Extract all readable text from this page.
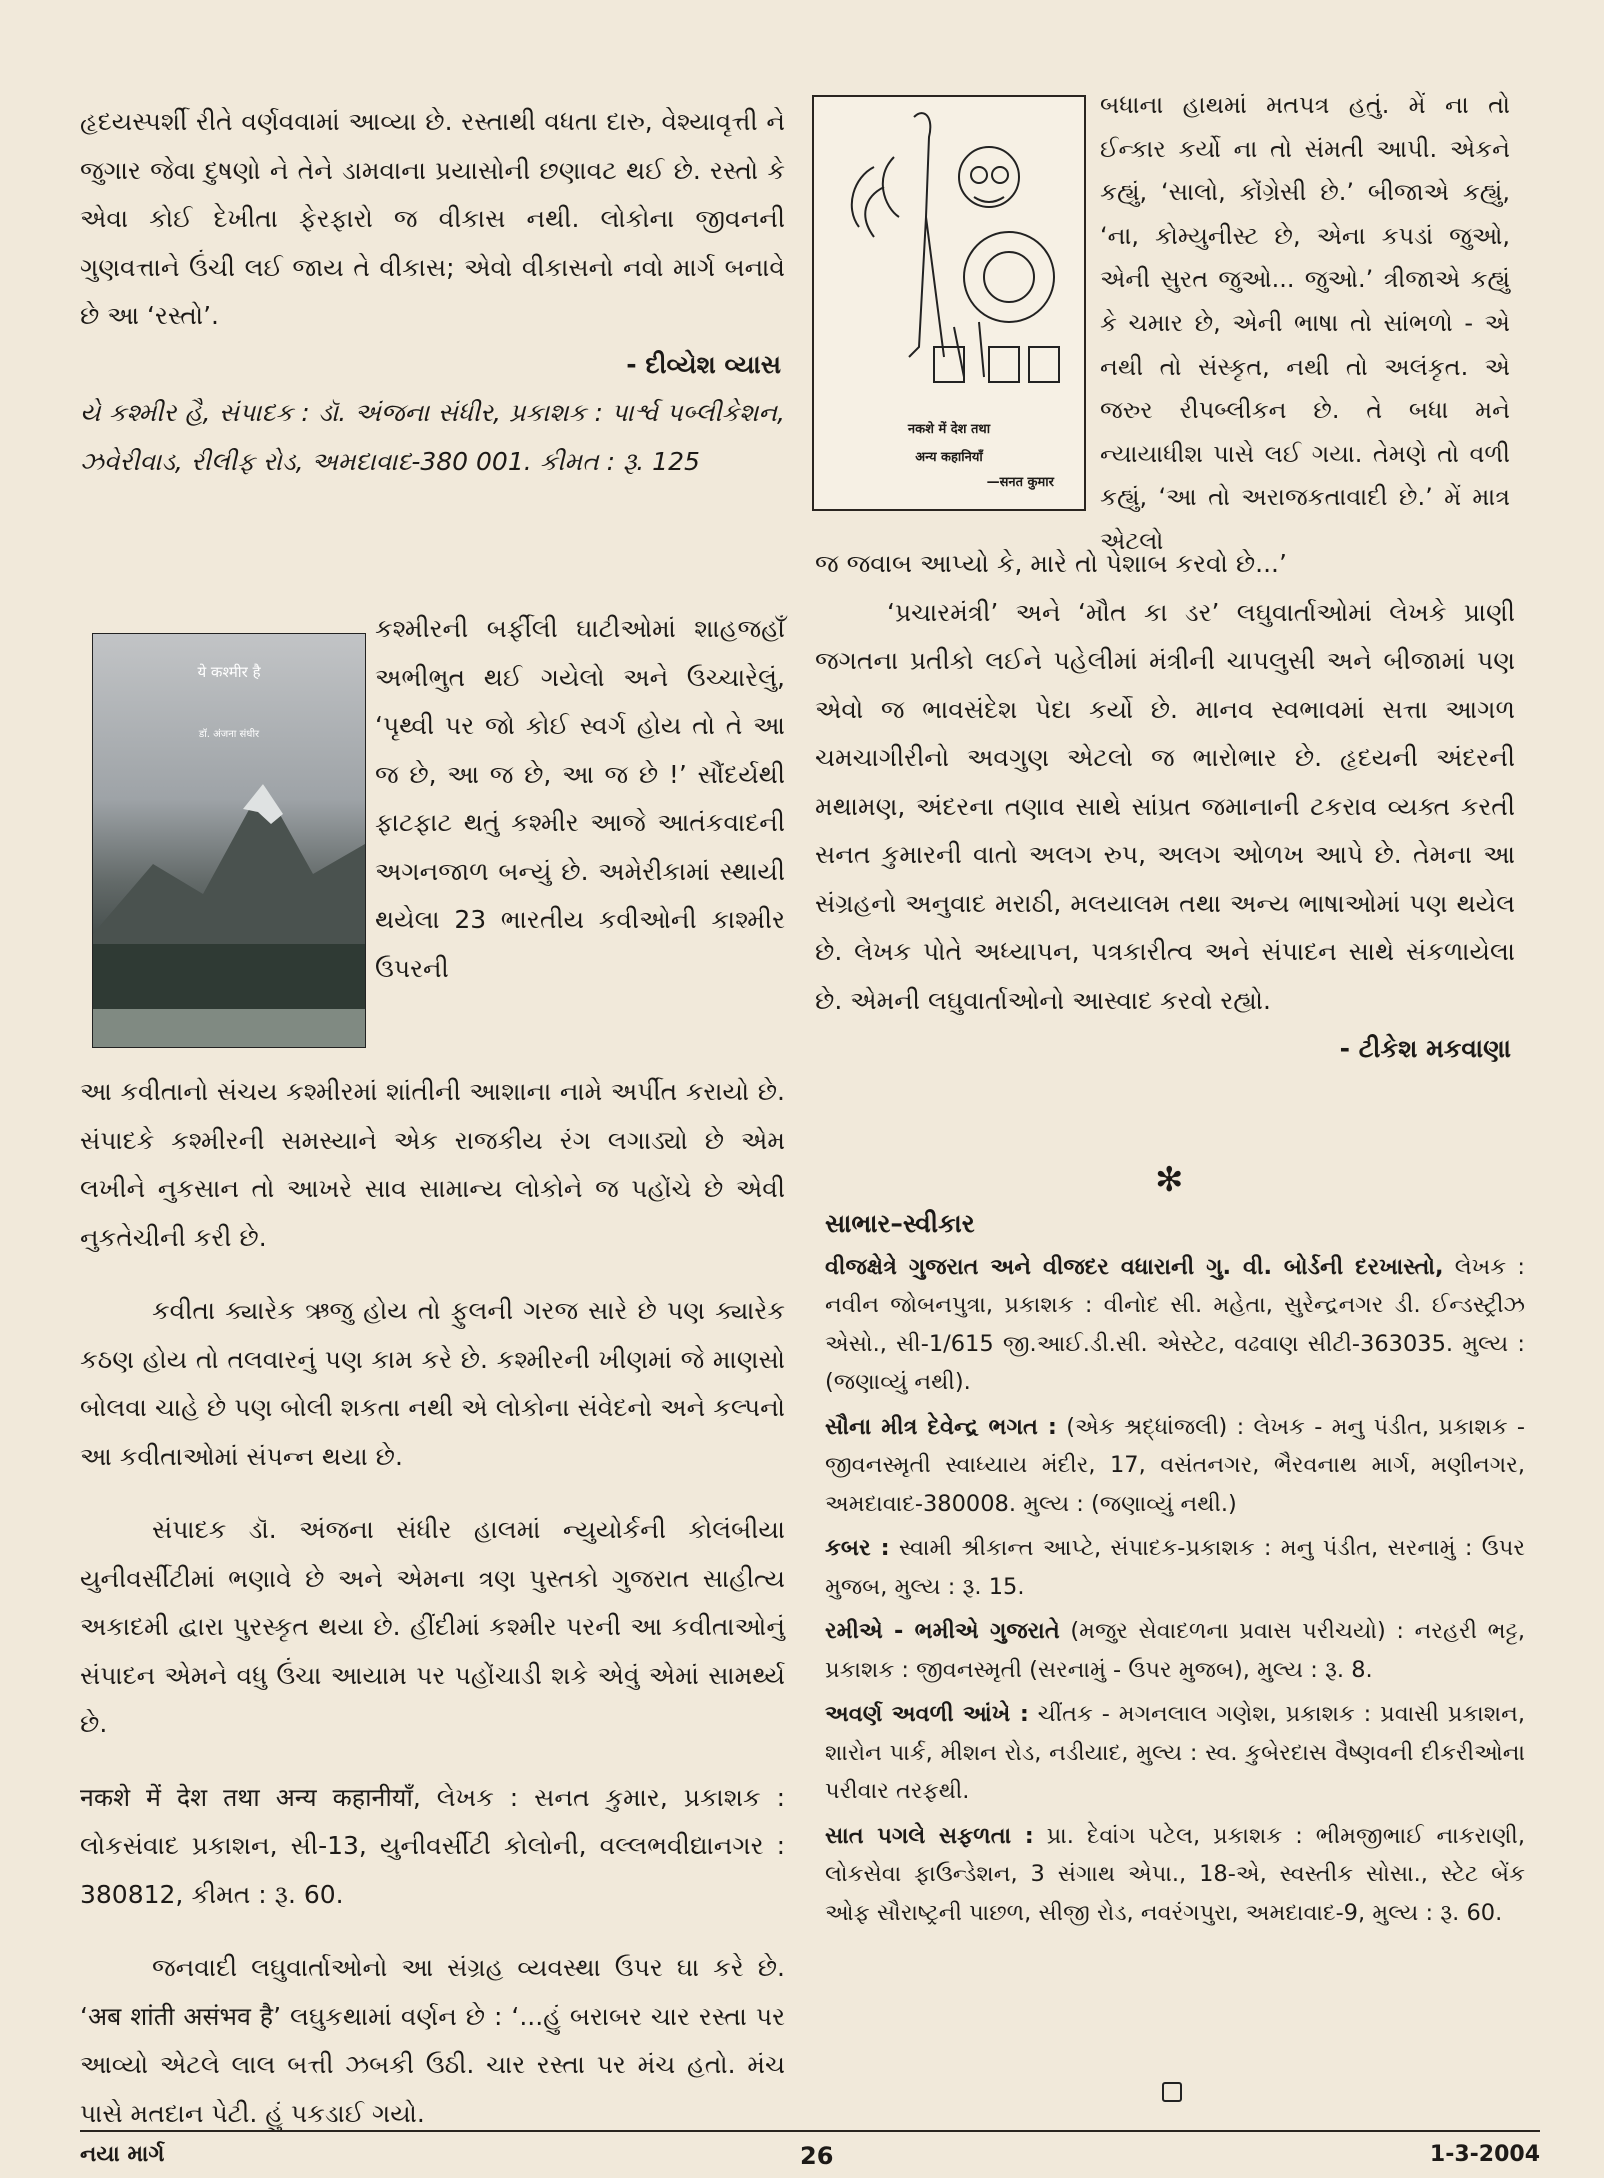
હૃદયસ્પર્શી રીતે વર્ણવવામાં આવ્યા છે. રસ્તાથી વધતા દારુ, વેશ્યાવૃત્તી ને જુગાર જેવા દુષણો ને તેને ડામવાના પ્રયાસોની છણાવટ થઈ છે. રસ્તો કે એવા કોઈ દેખીતા ફેરફારો જ વીકાસ નથી. લોકોના જીવનની ગુણવત્તાને ઉંચી લઈ જાય તે વીકાસ; એવો વીકાસનો નવો માર્ગ બનાવે છે આ ‘રસ્તો’.

- દીવ્યેશ વ્યાસ

યે કશ્મીર હૈ, સંપાદક : ડૉ. અંજના સંધીર, પ્રકાશક : પાર્શ્વ પબ્લીકેશન, ઝવેરીવાડ, રીલીફ રોડ, અમદાવાદ-380 001. કીમત : રૂ. 125

ये कश्मीर है
डॉ. अंजना संधीर
કશ્મીરની બર્ફીલી ઘાટીઓમાં શાહજહાઁ અભીભુત થઈ ગયેલો અને ઉચ્ચારેલું, ‘પૃથ્વી પર જો કોઈ સ્વર્ગ હોય તો તે આ જ છે, આ જ છે, આ જ છે !’ સૌંદર્યથી ફાટફાટ થતું કશ્મીર આજે આતંકવાદની અગનજાળ બન્યું છે. અમેરીકામાં સ્થાયી થયેલા 23 ભારતીય કવીઓની કાશ્મીર ઉપરની

આ કવીતાનો સંચય કશ્મીરમાં શાંતીની આશાના નામે અર્પીત કરાયો છે. સંપાદકે કશ્મીરની સમસ્યાને એક રાજકીય રંગ લગાડ્યો છે એમ લખીને નુકસાન તો આખરે સાવ સામાન્ય લોકોને જ પહોંચે છે એવી નુકતેચીની કરી છે.

કવીતા ક્યારેક ઋજુ હોય તો ફુલની ગરજ સારે છે પણ ક્યારેક કઠણ હોય તો તલવારનું પણ કામ કરે છે. કશ્મીરની ખીણમાં જે માણસો બોલવા ચાહે છે પણ બોલી શકતા નથી એ લોકોના સંવેદનો અને કલ્પનો આ કવીતાઓમાં સંપન્ન થયા છે.

સંપાદક ડૉ. અંજના સંધીર હાલમાં ન્યુયોર્કની કોલંબીયા યુનીવર્સીટીમાં ભણાવે છે અને એમના ત્રણ પુસ્તકો ગુજરાત સાહીત્ય અકાદમી દ્વારા પુરસ્કૃત થયા છે. હીંદીમાં કશ્મીર પરની આ કવીતાઓનું સંપાદન એમને વધુ ઉંચા આયામ પર પહોંચાડી શકે એવું એમાં સામર્થ્ય છે.

नकशे में देश तथा अन्य कहानीयाँ, લેખક : સનત કુમાર, પ્રકાશક : લોકસંવાદ પ્રકાશન, સી-13, યુનીવર્સીટી કોલોની, વલ્લભવીદ્યાનગર : 380812, કીમત : રૂ. 60.

જનવાદી લઘુવાર્તાઓનો આ સંગ્રહ વ્યવસ્થા ઉપર ઘા કરે છે. ‘अब शांती असंभव है’ લઘુકથામાં વર્ણન છે : ‘...હું બરાબર ચાર રસ્તા પર આવ્યો એટલે લાલ બત્તી ઝબકી ઉઠી. ચાર રસ્તા પર મંચ હતો. મંચ પાસે મતદાન પેટી. હું પકડાઈ ગયો.

नकशे में देश तथा
अन्य कहानियाँ
—सनत कुमार
બધાના હાથમાં મતપત્ર હતું. મેં ના તો ઈન્કાર કર્યો ના તો સંમતી આપી. એકને કહ્યું, ‘સાલો, કોંગ્રેસી છે.’ બીજાએ કહ્યું, ‘ના, કોમ્યુનીસ્ટ છે, એના કપડાં જુઓ, એની સુરત જુઓ... જુઓ.’ ત્રીજાએ કહ્યું કે ચમાર છે, એની ભાષા તો સાંભળો - એ નથી તો સંસ્કૃત, નથી તો અલંકૃત. એ જરુર રીપબ્લીકન છે. તે બધા મને ન્યાયાધીશ પાસે લઈ ગયા. તેમણે તો વળી કહ્યું, ‘આ તો અરાજકતાવાદી છે.’ મેં માત્ર એટલો

જ જવાબ આપ્યો કે, મારે તો પેશાબ કરવો છે...’

‘પ્રચારમંત્રી’ અને ‘મૌત કા ડર’ લઘુવાર્તાઓમાં લેખકે પ્રાણી જગતના પ્રતીકો લઈને પહેલીમાં મંત્રીની ચાપલુસી અને બીજામાં પણ એવો જ ભાવસંદેશ પેદા કર્યો છે. માનવ સ્વભાવમાં સત્તા આગળ ચમચાગીરીનો અવગુણ એટલો જ ભારોભાર છે. હૃદયની અંદરની મથામણ, અંદરના તણાવ સાથે સાંપ્રત જમાનાની ટકરાવ વ્યક્ત કરતી સનત કુમારની વાતો અલગ રુપ, અલગ ઓળખ આપે છે. તેમના આ સંગ્રહનો અનુવાદ મરાઠી, મલયાલમ તથા અન્ય ભાષાઓમાં પણ થયેલ છે. લેખક પોતે અધ્યાપન, પત્રકારીત્વ અને સંપાદન સાથે સંકળાયેલા છે. એમની લઘુવાર્તાઓનો આસ્વાદ કરવો રહ્યો.

- ટીકેશ મકવાણા

✻
સાભાર–સ્વીકાર

વીજક્ષેત્રે ગુજરાત અને વીજદર વધારાની ગુ. વી. બોર્ડની દરખાસ્તો, લેખક : નવીન જોબનપુત્રા, પ્રકાશક : વીનોદ સી. મહેતા, સુરેન્દ્રનગર ડી. ઈન્ડસ્ટ્રીઝ એસો., સી-1/615 જી.આઈ.ડી.સી. એસ્ટેટ, વઢવાણ સીટી-363035. મુલ્ય : (જણાવ્યું નથી).

સૌના મીત્ર દેવેન્દ્ર ભગત : (એક શ્રદ્ધાંજલી) : લેખક - મનુ પંડીત, પ્રકાશક - જીવનસ્મૃતી સ્વાધ્યાય મંદીર, 17, વસંતનગર, ભૈરવનાથ માર્ગ, મણીનગર, અમદાવાદ-380008. મુલ્ય : (જણાવ્યું નથી.)

કબર : સ્વામી શ્રીકાન્ત આપ્ટે, સંપાદક-પ્રકાશક : મનુ પંડીત, સરનામું : ઉપર મુજબ, મુલ્ય : રૂ. 15.

રમીએ - ભમીએ ગુજરાતે (મજુર સેવાદળના પ્રવાસ પરીચયો) : નરહરી ભટ્ટ, પ્રકાશક : જીવનસ્મૃતી (સરનામું - ઉપર મુજબ), મુલ્ય : રૂ. 8.

અવર્ણ અવળી આંખે : ચીંતક - મગનલાલ ગણેશ, પ્રકાશક : પ્રવાસી પ્રકાશન, શારોન પાર્ક, મીશન રોડ, નડીયાદ, મુલ્ય : સ્વ. કુબેરદાસ વૈષ્ણવની દીકરીઓના પરીવાર તરફથી.

સાત પગલે સફળતા : પ્રા. દેવાંગ પટેલ, પ્રકાશક : ભીમજીભાઈ નાકરાણી, લોકસેવા ફાઉન્ડેશન, 3 સંગાથ એપા., 18-એ, સ્વસ્તીક સોસા., સ્ટેટ બેંક ઓફ સૌરાષ્ટ્રની પાછળ, સીજી રોડ, નવરંગપુરા, અમદાવાદ-9, મુલ્ય : રૂ. 60.

નયા માર્ગ	26	1-3-2004
